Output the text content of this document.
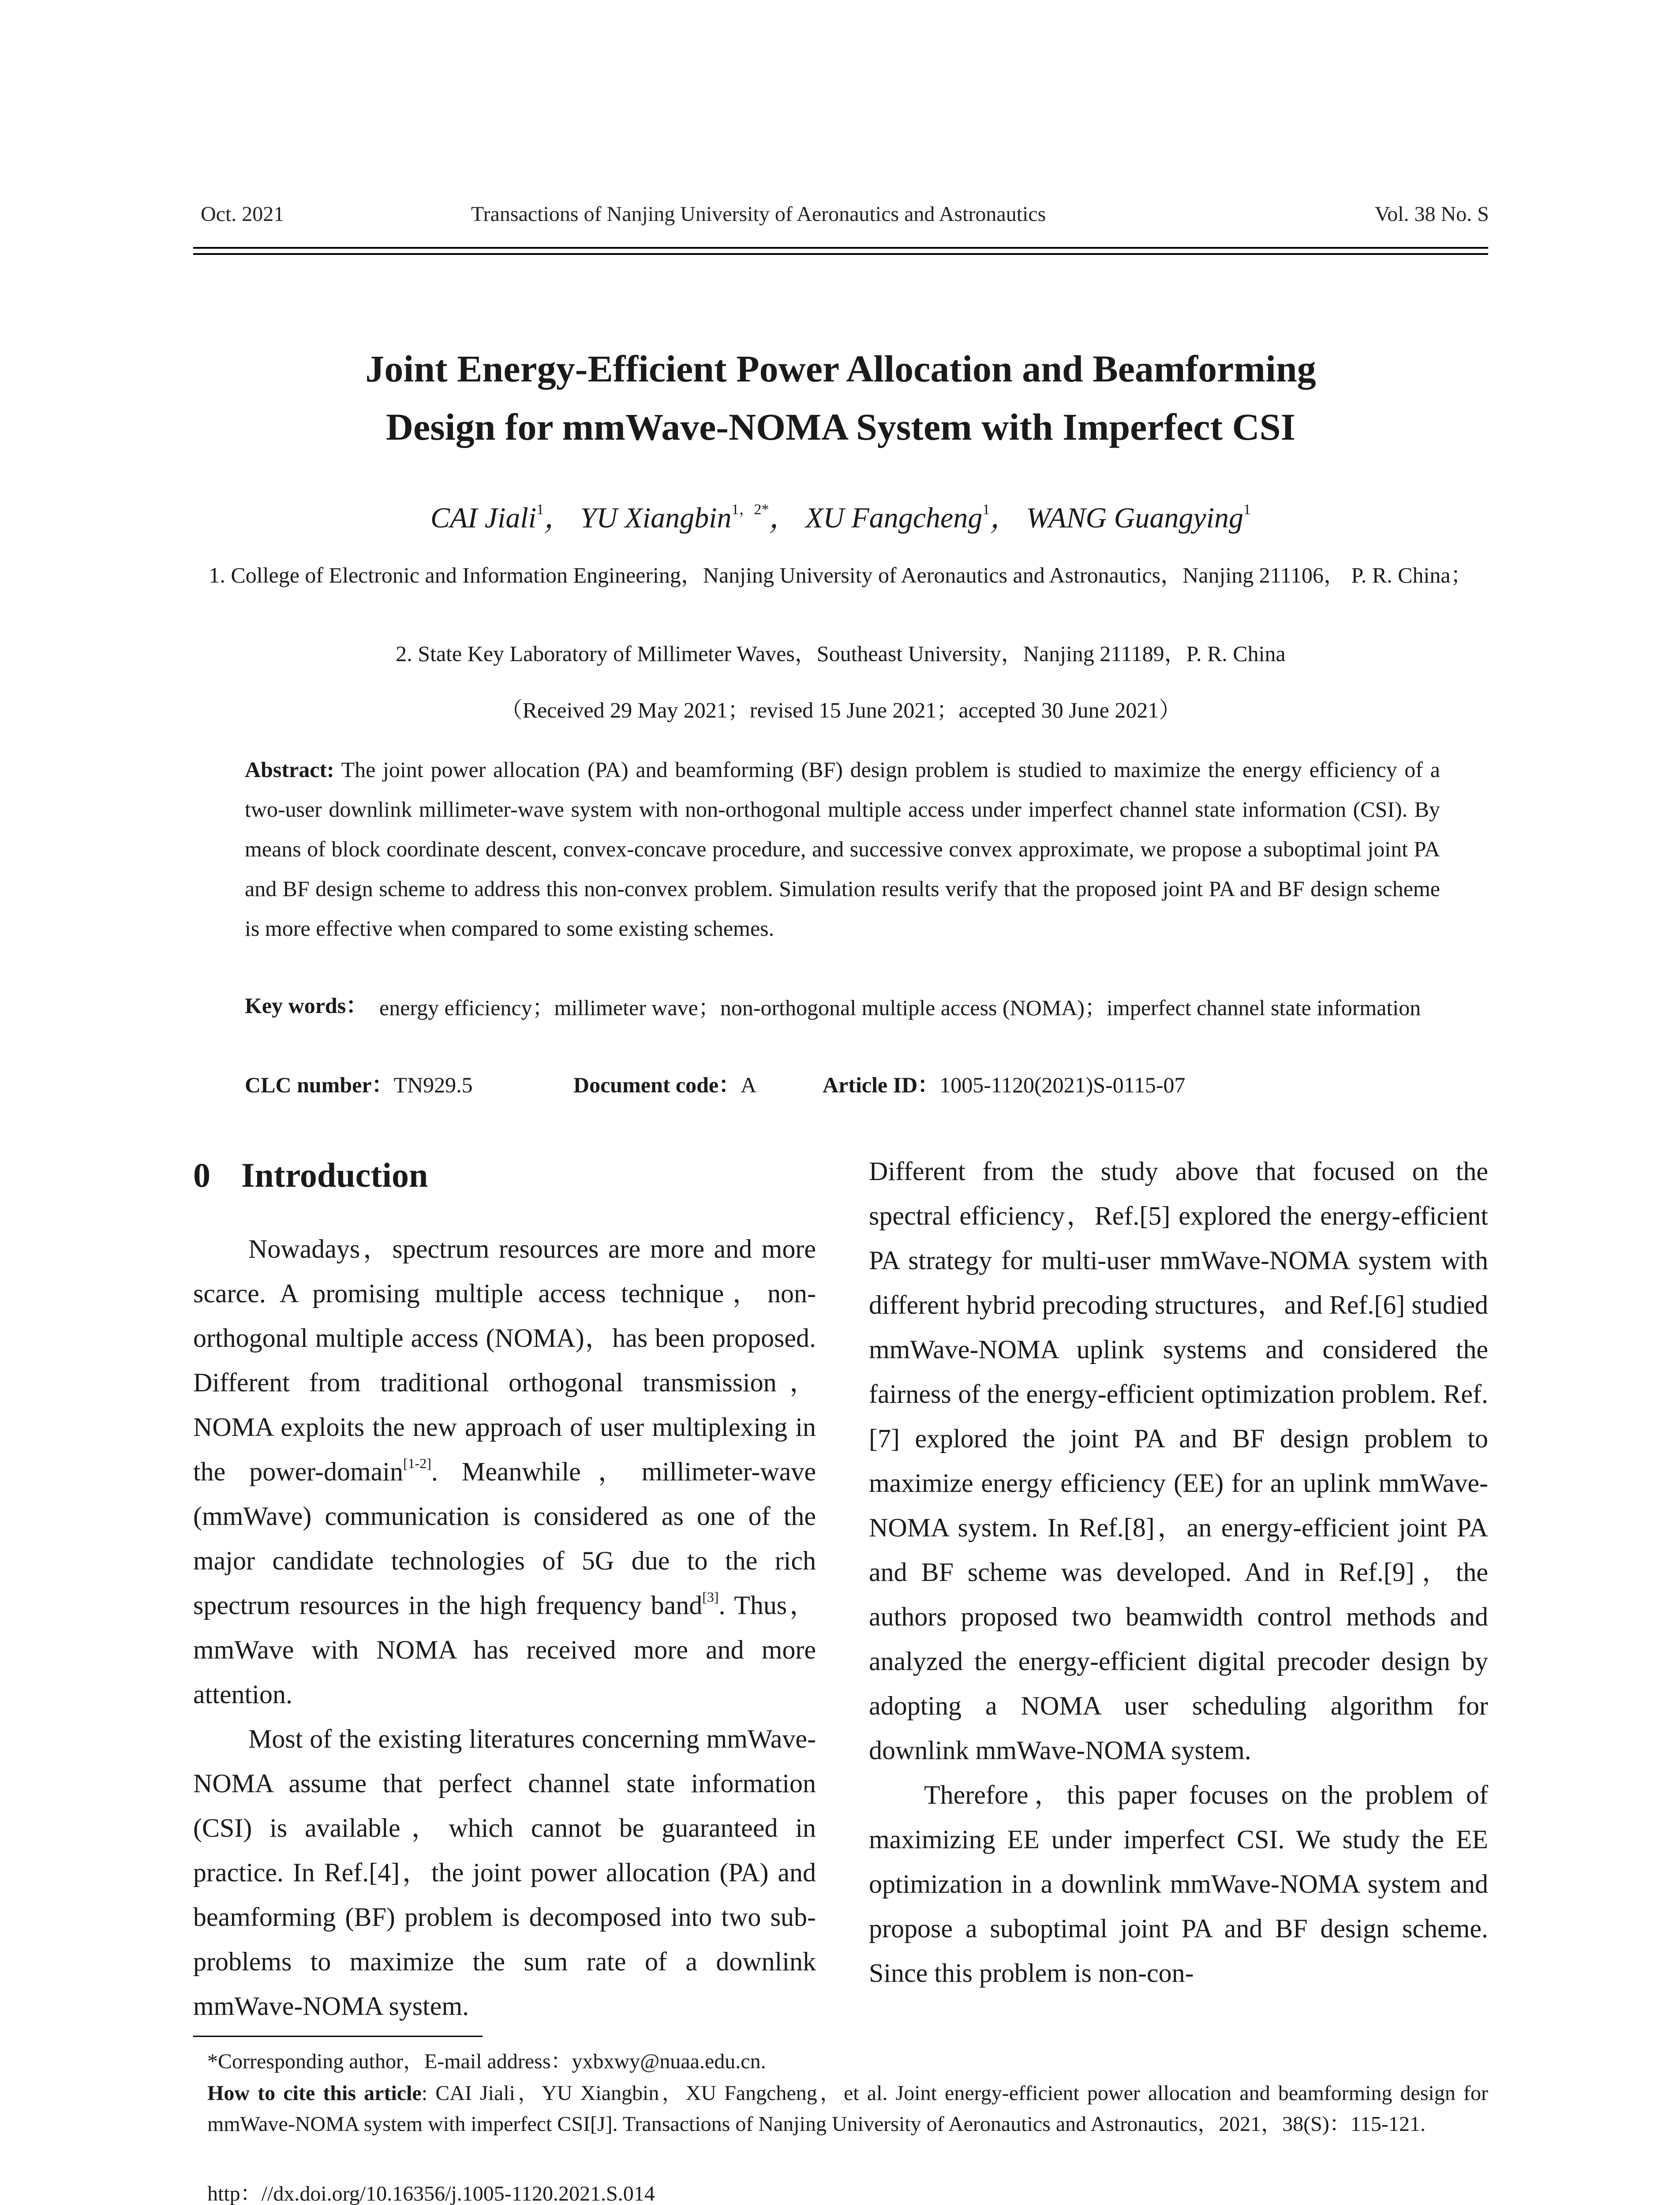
Oct. 2021	Transactions of Nanjing University of Aeronautics and Astronautics	Vol. 38 No. S
Joint Energy-Efficient Power Allocation and Beamforming
Design for mmWave-NOMA System with Imperfect CSI
CAI Jiali$^1$， YU Xiangbin$^{1,2*}$， XU Fangcheng$^1$， WANG Guangying$^1$
1. College of Electronic and Information Engineering，Nanjing University of Aeronautics and Astronautics，Nanjing 211106， P. R. China；
2. State Key Laboratory of Millimeter Waves，Southeast University，Nanjing 211189，P. R. China
（Received 29 May 2021；revised 15 June 2021；accepted 30 June 2021）
Abstract: The joint power allocation (PA) and beamforming (BF) design problem is studied to maximize the energy efficiency of a two-user downlink millimeter-wave system with non-orthogonal multiple access under imperfect channel state information (CSI). By means of block coordinate descent, convex-concave procedure, and successive convex approximate, we propose a suboptimal joint PA and BF design scheme to address this non-convex problem. Simulation results verify that the proposed joint PA and BF design scheme is more effective when compared to some existing schemes.
Key words： energy efficiency；millimeter wave；non-orthogonal multiple access (NOMA)；imperfect channel state information
CLC number：TN929.5	Document code：A	Article ID：1005-1120(2021)S-0115-07
0 Introduction

Nowadays，spectrum resources are more and more scarce. A promising multiple access technique，non-orthogonal multiple access (NOMA)，has been proposed. Different from traditional orthogonal transmission，NOMA exploits the new approach of user multiplexing in the power-domain[1-2]. Meanwhile，millimeter-wave (mmWave) communication is considered as one of the major candidate technologies of 5G due to the rich spectrum resources in the high frequency band[3]. Thus，mmWave with NOMA has received more and more attention.

Most of the existing literatures concerning mmWave-NOMA assume that perfect channel state information (CSI) is available，which cannot be guaranteed in practice. In Ref.[4]，the joint power allocation (PA) and beamforming (BF) problem is decomposed into two sub-problems to maximize the sum rate of a downlink mmWave-NOMA system.

Different from the study above that focused on the spectral efficiency，Ref.[5] explored the energy-efficient PA strategy for multi-user mmWave-NOMA system with different hybrid precoding structures，and Ref.[6] studied mmWave-NOMA uplink systems and considered the fairness of the energy-efficient optimization problem. Ref.[7] explored the joint PA and BF design problem to maximize energy efficiency (EE) for an uplink mmWave-NOMA system. In Ref.[8]，an energy-efficient joint PA and BF scheme was developed. And in Ref.[9]，the authors proposed two beamwidth control methods and analyzed the energy-efficient digital precoder design by adopting a NOMA user scheduling algorithm for downlink mmWave-NOMA system.

Therefore，this paper focuses on the problem of maximizing EE under imperfect CSI. We study the EE optimization in a downlink mmWave-NOMA system and propose a suboptimal joint PA and BF design scheme. Since this problem is non-con-

*Corresponding author，E-mail address：yxbxwy@nuaa.edu.cn.
How to cite this article: CAI Jiali，YU Xiangbin，XU Fangcheng，et al. Joint energy-efficient power allocation and beamforming design for mmWave-NOMA system with imperfect CSI[J]. Transactions of Nanjing University of Aeronautics and Astronautics，2021，38(S)：115-121.
http：//dx.doi.org/10.16356/j.1005-1120.2021.S.014
